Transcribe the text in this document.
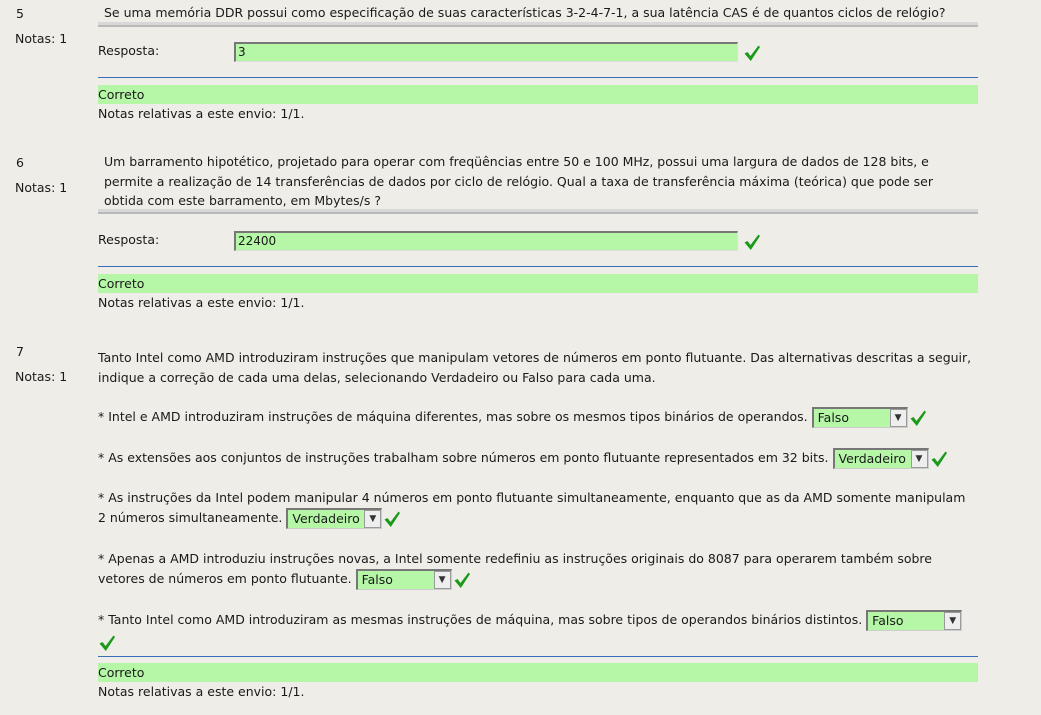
5
Notas: 1
Se uma memória DDR possui como especificação de suas características 3-2-4-7-1, a sua latência CAS é de quantos ciclos de relógio?
Resposta:	3
Correto
Notas relativas a este envio: 1/1.
6
Notas: 1
Um barramento hipotético, projetado para operar com freqüências entre 50 e 100 MHz, possui uma largura de dados de 128 bits, e
permite a realização de 14 transferências de dados por ciclo de relógio. Qual a taxa de transferência máxima (teórica) que pode ser
obtida com este barramento, em Mbytes/s ?
Resposta:	22400
Correto
Notas relativas a este envio: 1/1.
7
Notas: 1
Tanto Intel como AMD introduziram instruções que manipulam vetores de números em ponto flutuante. Das alternativas descritas a seguir,
indique a correção de cada uma delas, selecionando Verdadeiro ou Falso para cada uma.
* Intel e AMD introduziram instruções de máquina diferentes, mas sobre os mesmos tipos binários de operandos. Falso	▼
* As extensões aos conjuntos de instruções trabalham sobre números em ponto flutuante representados em 32 bits. Verdadeiro	▼
* As instruções da Intel podem manipular 4 números em ponto flutuante simultaneamente, enquanto que as da AMD somente manipulam
2 números simultaneamente. Verdadeiro	▼
* Apenas a AMD introduziu instruções novas, a Intel somente redefiniu as instruções originais do 8087 para operarem também sobre
vetores de números em ponto flutuante. Falso	▼
* Tanto Intel como AMD introduziram as mesmas instruções de máquina, mas sobre tipos de operandos binários distintos. Falso	▼
Correto
Notas relativas a este envio: 1/1.
